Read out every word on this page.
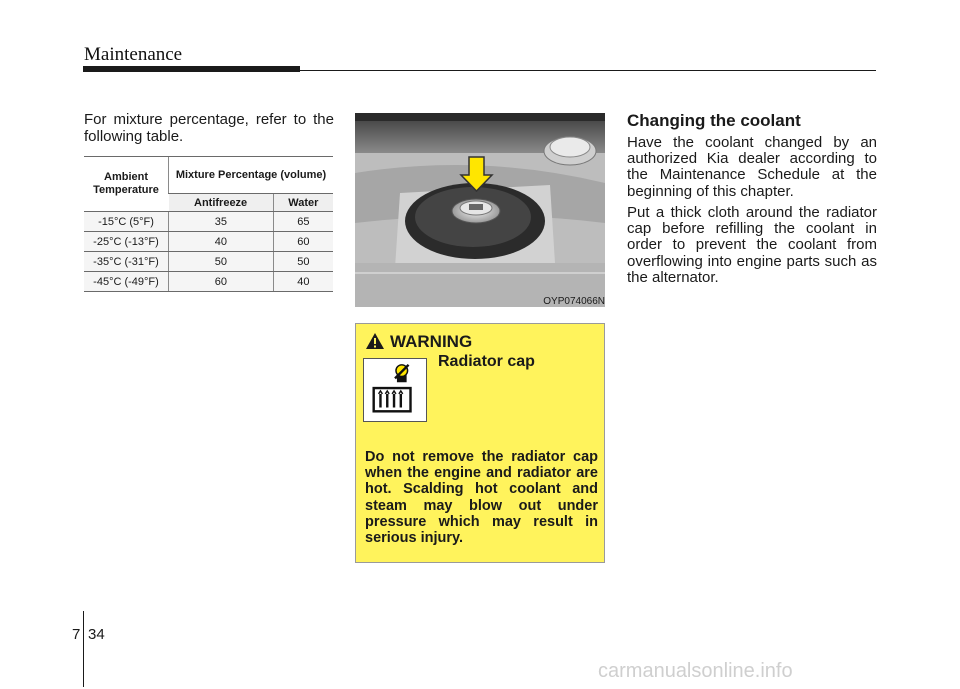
Maintenance
For mixture percentage, refer to the following table.
Ambient Temperature	Mixture Percentage (volume)	
	Antifreeze	Water
-15°C (5°F)	35	65
-25°C (-13°F)	40	60
-35°C (-31°F)	50	50
-45°C (-49°F)	60	40
OYP074066N
WARNING
Radiator cap
Do not remove the radiator cap when the engine and radiator are hot. Scalding hot coolant and steam may blow out under pressure which may result in serious injury.
Changing the coolant
Have the coolant changed by an authorized Kia dealer according to the Maintenance Schedule at the beginning of this chapter.
Put a thick cloth around the radiator cap before refilling the coolant in order to prevent the coolant from overflowing into engine parts such as the alternator.
7 34
carmanualsonline.info
